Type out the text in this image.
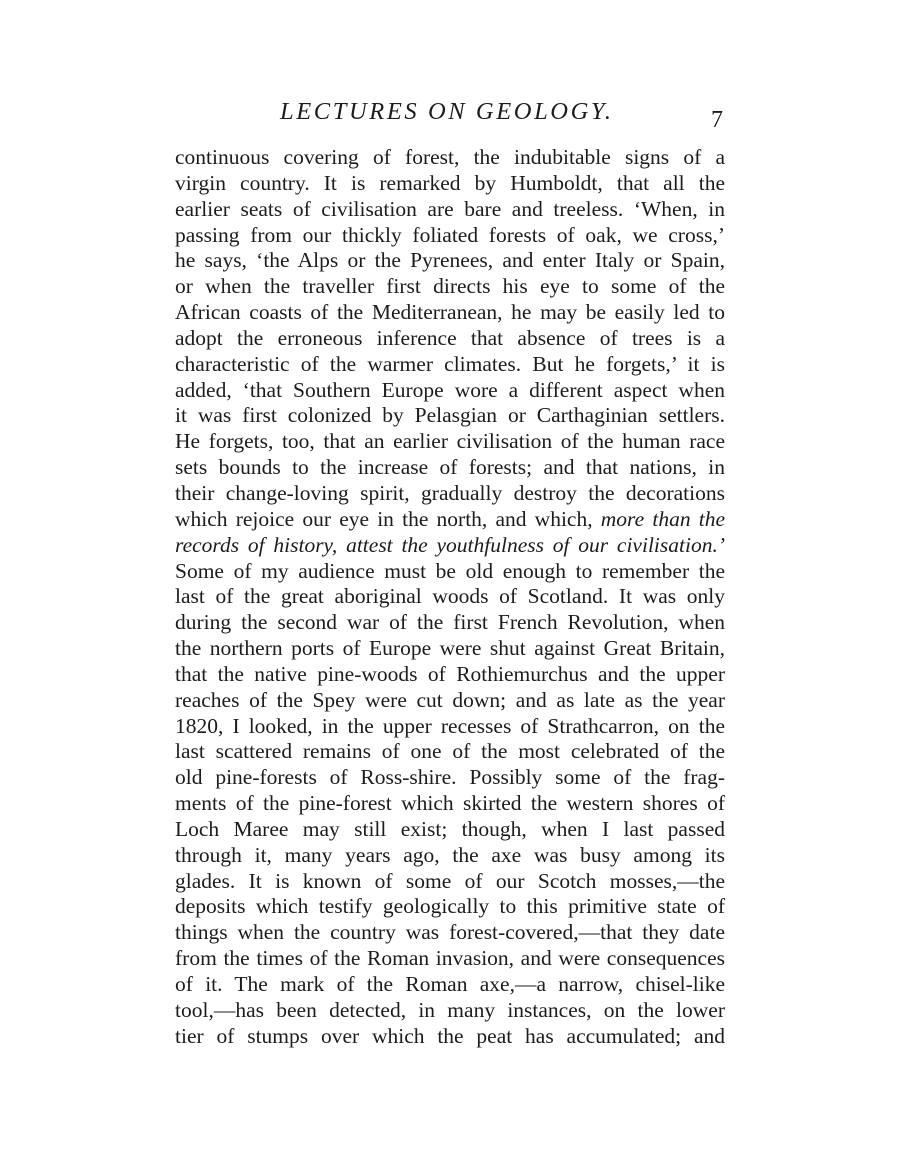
LECTURES ON GEOLOGY.	7
continuous covering of forest, the indubitable signs of a
virgin country. It is remarked by Humboldt, that all the
earlier seats of civilisation are bare and treeless. ‘When, in
passing from our thickly foliated forests of oak, we cross,’
he says, ‘the Alps or the Pyrenees, and enter Italy or Spain,
or when the traveller first directs his eye to some of the
African coasts of the Mediterranean, he may be easily led to
adopt the erroneous inference that absence of trees is a
characteristic of the warmer climates. But he forgets,’ it is
added, ‘that Southern Europe wore a different aspect when
it was first colonized by Pelasgian or Carthaginian settlers.
He forgets, too, that an earlier civilisation of the human race
sets bounds to the increase of forests; and that nations, in
their change-loving spirit, gradually destroy the decorations
which rejoice our eye in the north, and which, more than the
records of history, attest the youthfulness of our civilisation.’
Some of my audience must be old enough to remember the
last of the great aboriginal woods of Scotland. It was only
during the second war of the first French Revolution, when
the northern ports of Europe were shut against Great Britain,
that the native pine-woods of Rothiemurchus and the upper
reaches of the Spey were cut down; and as late as the year
1820, I looked, in the upper recesses of Strathcarron, on the
last scattered remains of one of the most celebrated of the
old pine-forests of Ross-shire. Possibly some of the frag-
ments of the pine-forest which skirted the western shores of
Loch Maree may still exist; though, when I last passed
through it, many years ago, the axe was busy among its
glades. It is known of some of our Scotch mosses,—the
deposits which testify geologically to this primitive state of
things when the country was forest-covered,—that they date
from the times of the Roman invasion, and were consequences
of it. The mark of the Roman axe,—a narrow, chisel-like
tool,—has been detected, in many instances, on the lower
tier of stumps over which the peat has accumulated; and
